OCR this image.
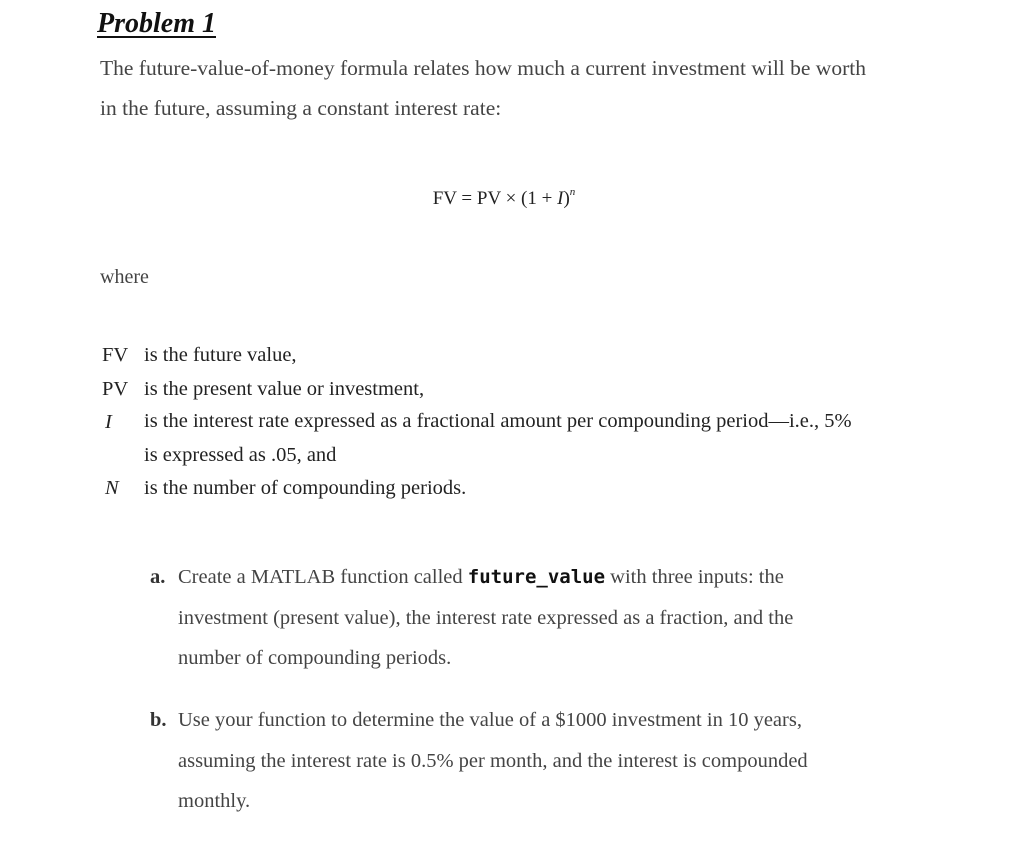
Problem 1
The future-value-of-money formula relates how much a current investment will be worth
in the future, assuming a constant interest rate:
FV = PV × $(1 + I)^n$
where
FV is the future value,
PV is the present value or investment,
I is the interest rate expressed as a fractional amount per compounding period—i.e., 5% is expressed as .05, and
N is the number of compounding periods.
a. Create a MATLAB function called future_value with three inputs: the
investment (present value), the interest rate expressed as a fraction, and the
number of compounding periods.
b. Use your function to determine the value of a $1000 investment in 10 years,
assuming the interest rate is 0.5% per month, and the interest is compounded
monthly.
